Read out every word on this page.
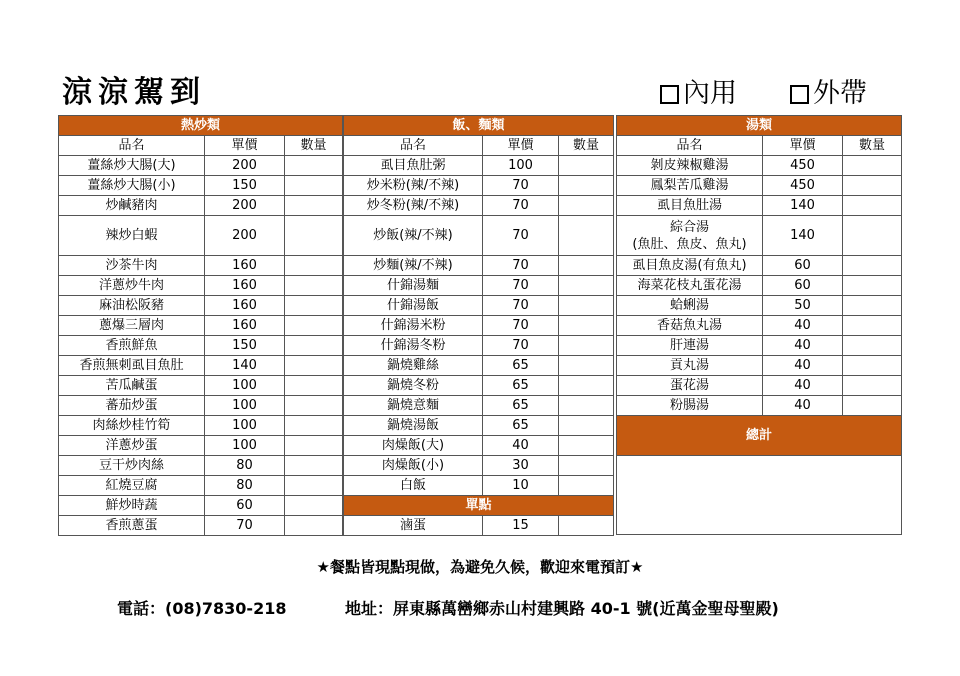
涼涼駕到	內用	外帶
熱炒類		
品名	單價	數量
薑絲炒大腸(大)	200	
薑絲炒大腸(小)	150	
炒鹹豬肉	200	
辣炒白蝦	200	
沙茶牛肉	160	
洋蔥炒牛肉	160	
麻油松阪豬	160	
蔥爆三層肉	160	
香煎鮮魚	150	
香煎無刺虱目魚肚	140	
苦瓜鹹蛋	100	
蕃茄炒蛋	100	
肉絲炒桂竹筍	100	
洋蔥炒蛋	100	
豆干炒肉絲	80	
紅燒豆腐	80	
鮮炒時蔬	60	
香煎蔥蛋	70	
飯、麵類		
品名	單價	數量
虱目魚肚粥	100	
炒米粉(辣/不辣)	70	
炒冬粉(辣/不辣)	70	
炒飯(辣/不辣)	70	
炒麵(辣/不辣)	70	
什錦湯麵	70	
什錦湯飯	70	
什錦湯米粉	70	
什錦湯冬粉	70	
鍋燒雞絲	65	
鍋燒冬粉	65	
鍋燒意麵	65	
鍋燒湯飯	65	
肉燥飯(大)	40	
肉燥飯(小)	30	
白飯	10	
單點		
滷蛋	15	
湯類		
品名	單價	數量
剝皮辣椒雞湯	450	
鳳梨苦瓜雞湯	450	
虱目魚肚湯	140	

綜合湯
(魚肚、魚皮、魚丸)	140	
虱目魚皮湯(有魚丸)	60	
海菜花枝丸蛋花湯	60	
蛤蜊湯	50	
香菇魚丸湯	40	
肝連湯	40	
貢丸湯	40	
蛋花湯	40	
粉腸湯	40	
總計		

★餐點皆現點現做，為避免久候，歡迎來電預訂★
電話：(08)7830-218	地址：屏東縣萬巒鄉赤山村建興路 40-1 號(近萬金聖母聖殿)
